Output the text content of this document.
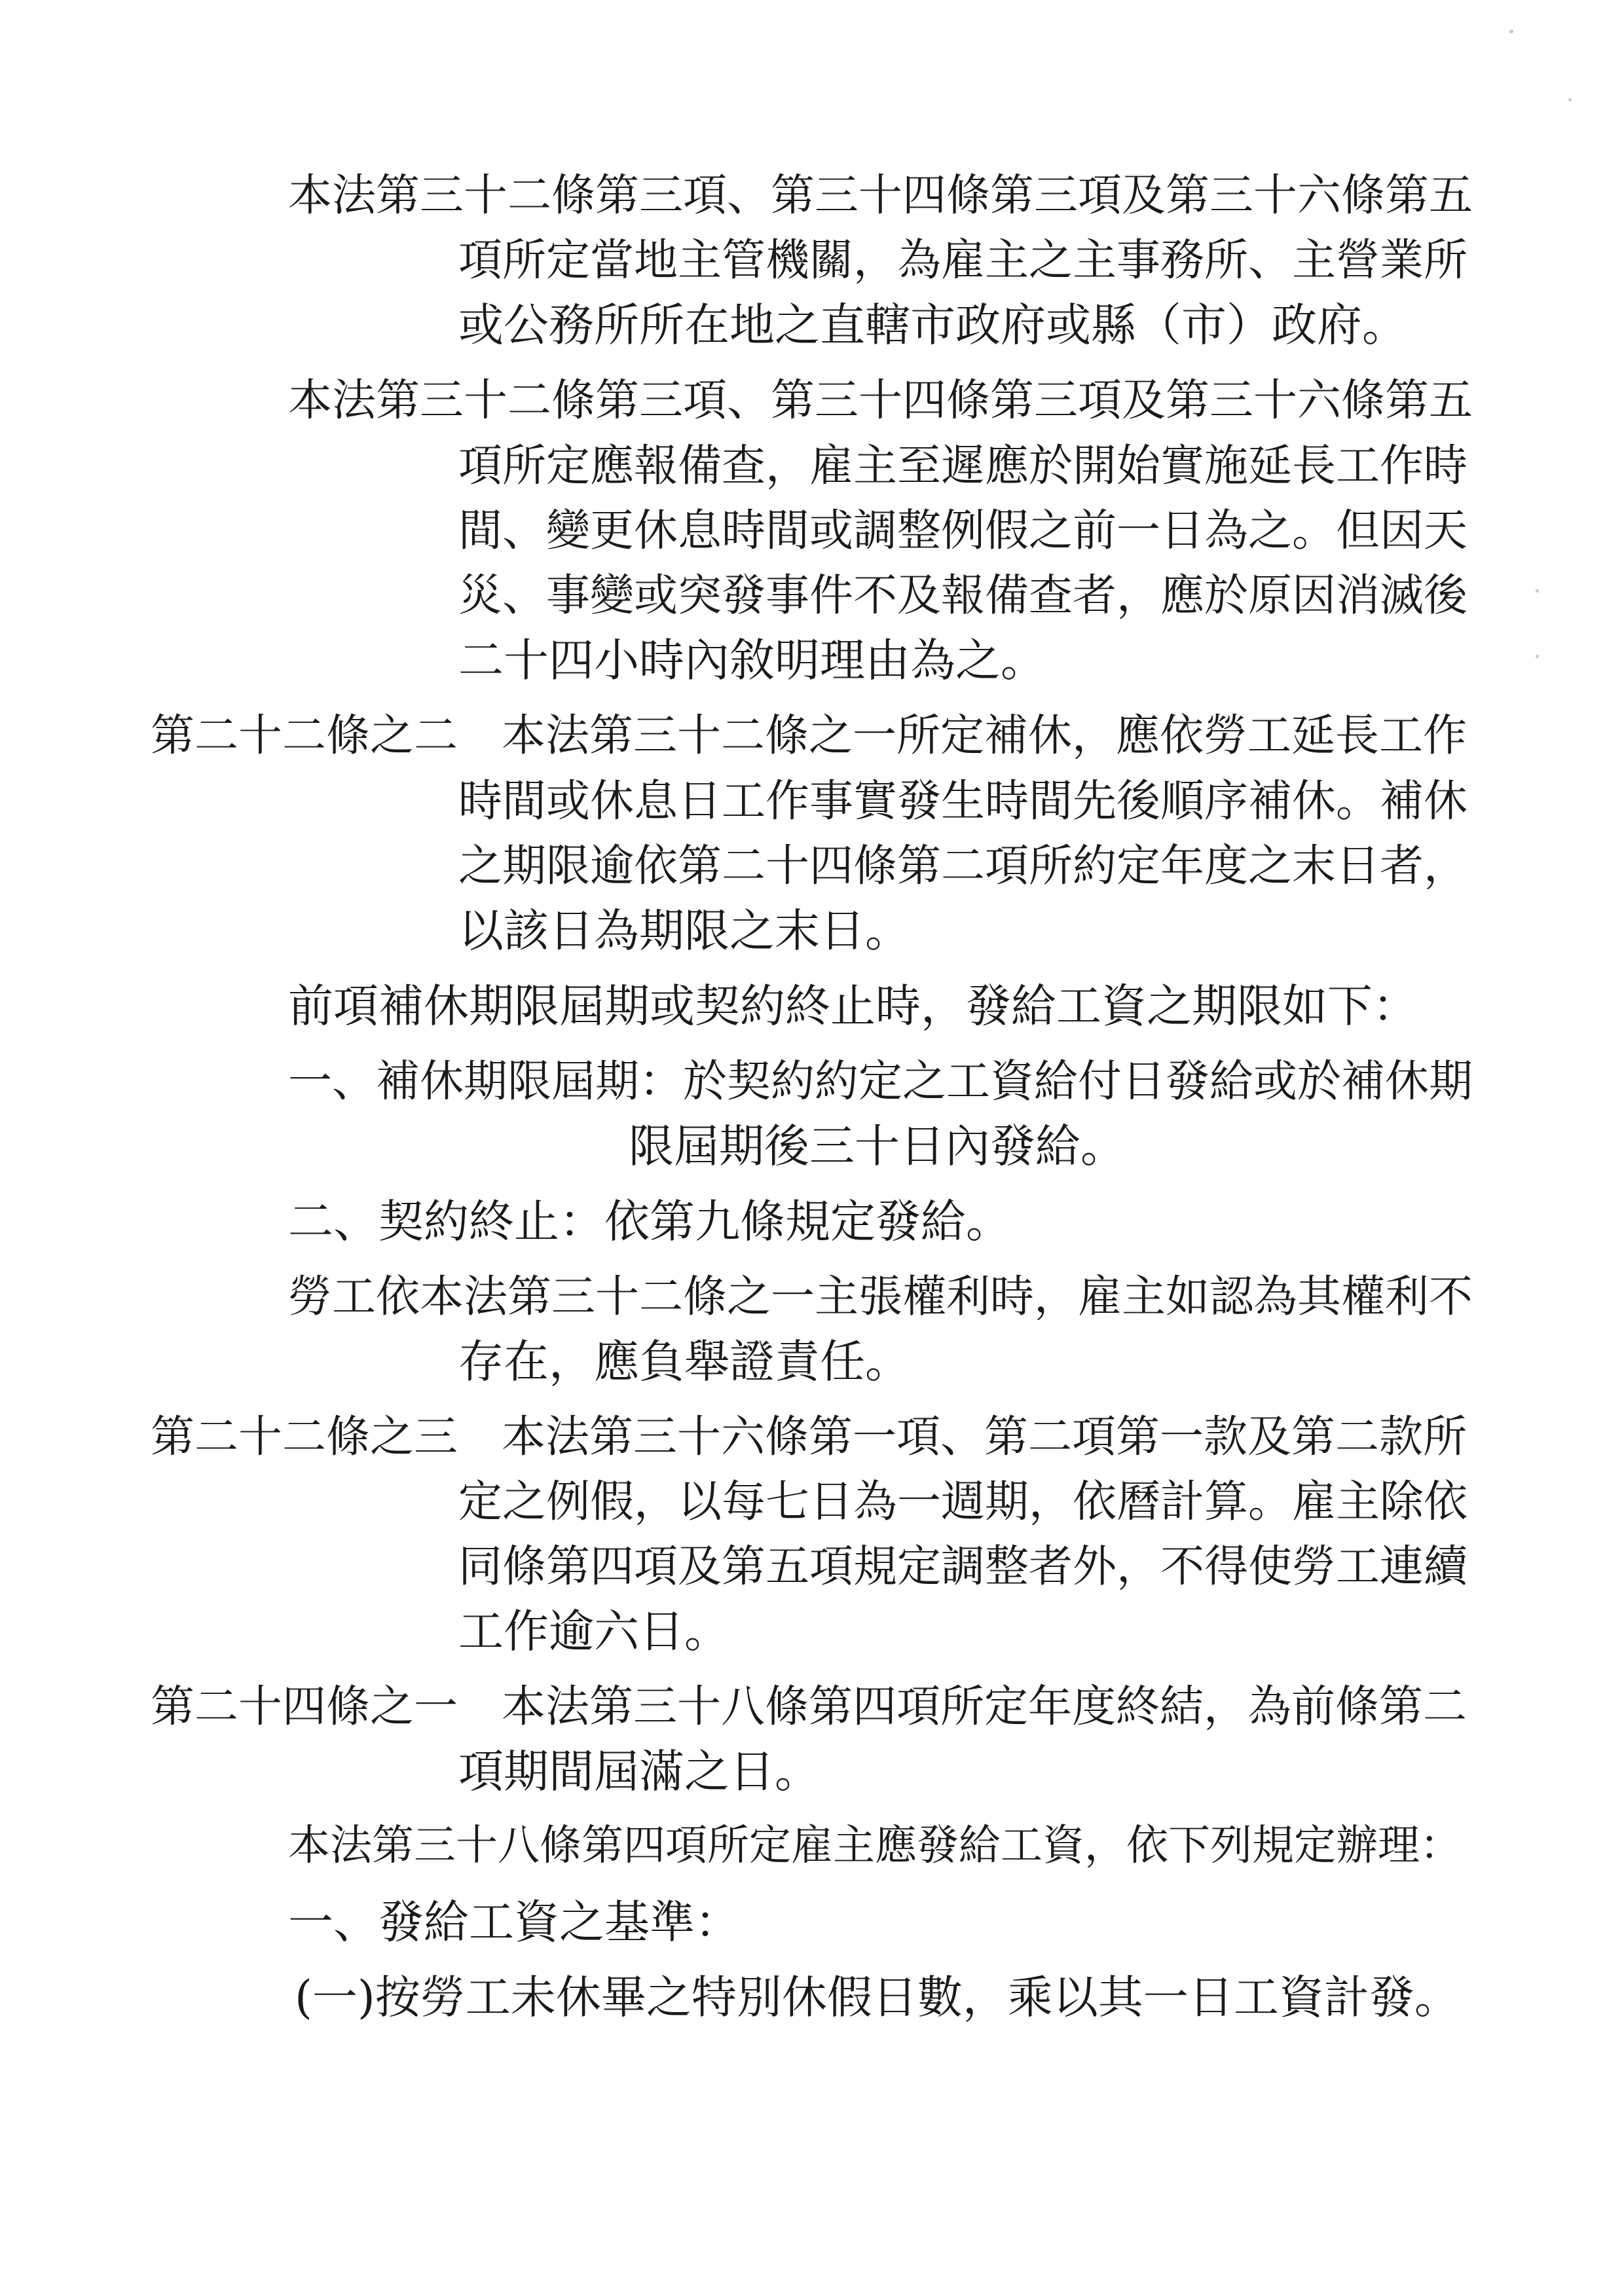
本法第三十二條第三項、第三十四條第三項及第三十六條第五

項所定當地主管機關，為雇主之主事務所、主營業所

或公務所所在地之直轄市政府或縣（市）政府。

本法第三十二條第三項、第三十四條第三項及第三十六條第五

項所定應報備查，雇主至遲應於開始實施延長工作時

間、變更休息時間或調整例假之前一日為之。但因天

災、事變或突發事件不及報備查者，應於原因消滅後

二十四小時內敘明理由為之。

第二十二條之二　本法第三十二條之一所定補休，應依勞工延長工作

時間或休息日工作事實發生時間先後順序補休。補休

之期限逾依第二十四條第二項所約定年度之末日者，

以該日為期限之末日。

前項補休期限屆期或契約終止時，發給工資之期限如下：

一、補休期限屆期：於契約約定之工資給付日發給或於補休期

限屆期後三十日內發給。

二、契約終止：依第九條規定發給。

勞工依本法第三十二條之一主張權利時，雇主如認為其權利不

存在，應負舉證責任。

第二十二條之三　本法第三十六條第一項、第二項第一款及第二款所

定之例假，以每七日為一週期，依曆計算。雇主除依

同條第四項及第五項規定調整者外，不得使勞工連續

工作逾六日。

第二十四條之一　本法第三十八條第四項所定年度終結，為前條第二

項期間屆滿之日。

本法第三十八條第四項所定雇主應發給工資，依下列規定辦理：

一、發給工資之基準：

(一)按勞工未休畢之特別休假日數，乘以其一日工資計發。
